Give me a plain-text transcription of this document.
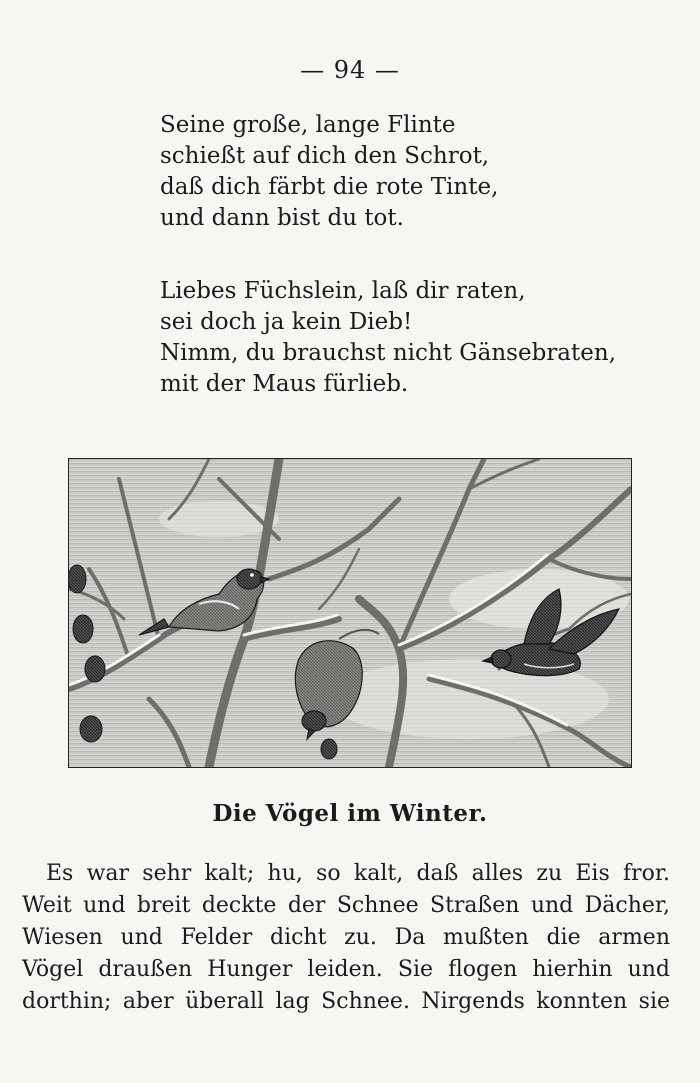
— 94 —
Seine große, lange Flinte
schießt auf dich den Schrot,
daß dich färbt die rote Tinte,
und dann bist du tot.
Liebes Füchslein, laß dir raten,
sei doch ja kein Dieb!
Nimm, du brauchst nicht Gänsebraten,
mit der Maus fürlieb.
Die Vögel im Winter.
Es war sehr kalt; hu, so kalt, daß alles zu Eis fror.
Weit und breit deckte der Schnee Straßen und Dächer,
Wiesen und Felder dicht zu. Da mußten die armen
Vögel draußen Hunger leiden. Sie flogen hierhin und
dorthin; aber überall lag Schnee. Nirgends konnten sie
